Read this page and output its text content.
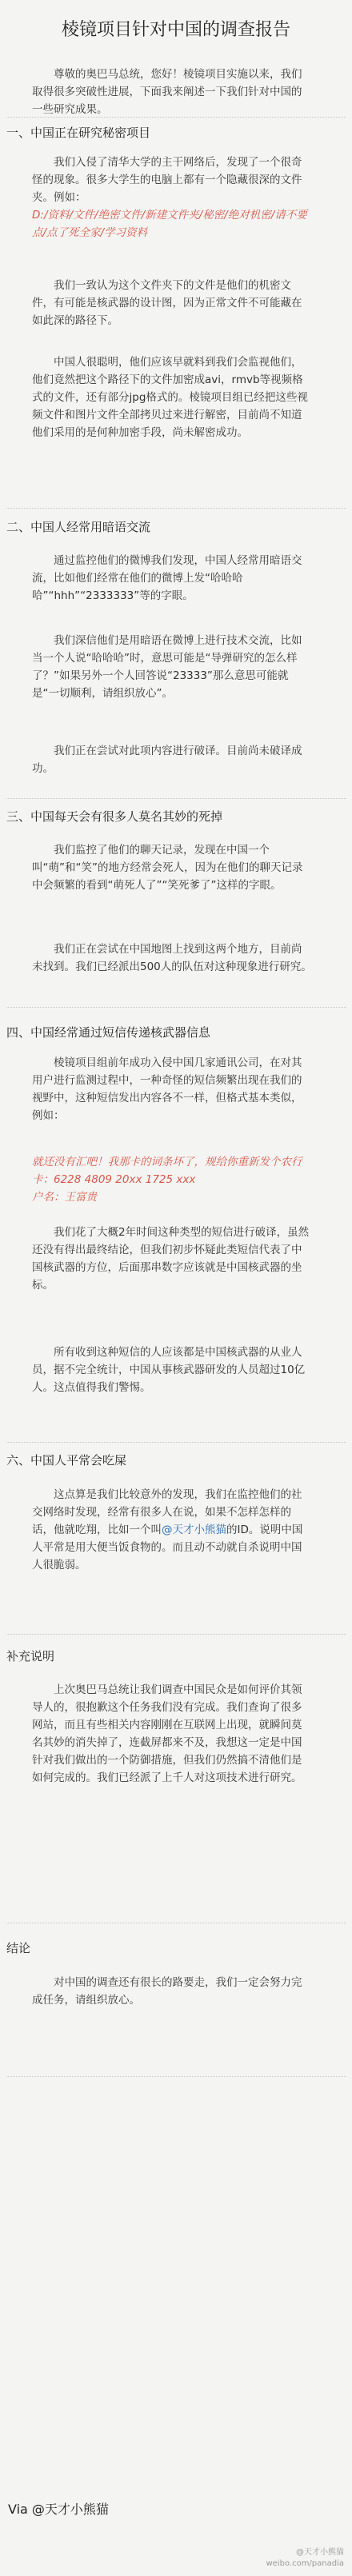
棱镜项目针对中国的调查报告

尊敬的奥巴马总统，您好！棱镜项目实施以来，我们取得很多突破性进展，下面我来阐述一下我们针对中国的一些研究成果。

一、中国正在研究秘密项目

我们入侵了清华大学的主干网络后，发现了一个很奇怪的现象。很多大学生的电脑上都有一个隐藏很深的文件夹。例如：

D:/资料/文件/绝密文件/新建文件夹/秘密/绝对机密/请不要点/点了死全家/学习资料

我们一致认为这个文件夹下的文件是他们的机密文件，有可能是核武器的设计图，因为正常文件不可能藏在如此深的路径下。

中国人很聪明，他们应该早就料到我们会监视他们，他们竟然把这个路径下的文件加密成avi，rmvb等视频格式的文件，还有部分jpg格式的。棱镜项目组已经把这些视频文件和图片文件全部拷贝过来进行解密，目前尚不知道他们采用的是何种加密手段，尚未解密成功。

二、中国人经常用暗语交流

通过监控他们的微博我们发现，中国人经常用暗语交流，比如他们经常在他们的微博上发“哈哈哈哈”“hhh”“2333333”等的字眼。

我们深信他们是用暗语在微博上进行技术交流，比如当一个人说“哈哈哈”时，意思可能是“导弹研究的怎么样了？”如果另外一个人回答说“23333”那么意思可能就是“一切顺利，请组织放心”。

我们正在尝试对此项内容进行破译。目前尚未破译成功。

三、中国每天会有很多人莫名其妙的死掉

我们监控了他们的聊天记录，发现在中国一个叫“萌”和“笑”的地方经常会死人，因为在他们的聊天记录中会频繁的看到“萌死人了”“笑死爹了”这样的字眼。

我们正在尝试在中国地图上找到这两个地方，目前尚未找到。我们已经派出500人的队伍对这种现象进行研究。

四、中国经常通过短信传递核武器信息

棱镜项目组前年成功入侵中国几家通讯公司，在对其用户进行监测过程中，一种奇怪的短信频繁出现在我们的视野中，这种短信发出内容各不一样，但格式基本类似，例如：

就还没有汇吧！我那卡的词条坏了，规给你重新发个农行卡：6228 4809 20xx 1725 xxx
户名：王富贵

我们花了大概2年时间这种类型的短信进行破译，虽然还没有得出最终结论，但我们初步怀疑此类短信代表了中国核武器的方位，后面那串数字应该就是中国核武器的坐标。

所有收到这种短信的人应该都是中国核武器的从业人员，据不完全统计，中国从事核武器研发的人员超过10亿人。这点值得我们警惕。

六、中国人平常会吃屎

这点算是我们比较意外的发现，我们在监控他们的社交网络时发现，经常有很多人在说，如果不怎样怎样的话，他就吃翔，比如一个叫@天才小熊猫的ID。说明中国人平常是用大便当饭食物的。而且动不动就自杀说明中国人很脆弱。

补充说明

上次奥巴马总统让我们调查中国民众是如何评价其领导人的，很抱歉这个任务我们没有完成。我们查询了很多网站，而且有些相关内容刚刚在互联网上出现，就瞬间莫名其妙的消失掉了，连截屏都来不及，我想这一定是中国针对我们做出的一个防御措施，但我们仍然搞不清他们是如何完成的。我们已经派了上千人对这项技术进行研究。

结论

对中国的调查还有很长的路要走，我们一定会努力完成任务，请组织放心。

Via @天才小熊猫
@天才小熊猫
weibo.com/panadia
